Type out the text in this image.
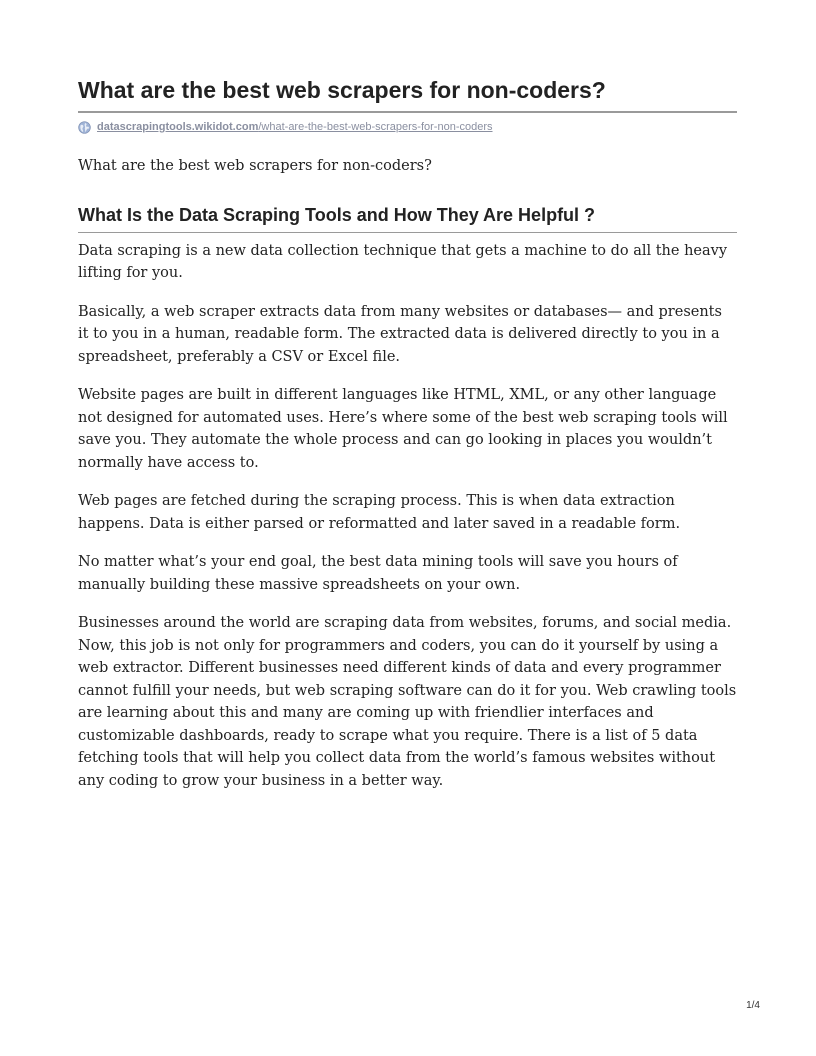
What are the best web scrapers for non-coders?
datascrapingtools.wikidot.com/what-are-the-best-web-scrapers-for-non-coders

What are the best web scrapers for non-coders?

What Is the Data Scraping Tools and How They Are Helpful ?

Data scraping is a new data collection technique that gets a machine to do all the heavy lifting for you.

Basically, a web scraper extracts data from many websites or databases— and presents it to you in a human, readable form. The extracted data is delivered directly to you in a spreadsheet, preferably a CSV or Excel file.

Website pages are built in different languages like HTML, XML, or any other language not designed for automated uses. Here’s where some of the best web scraping tools will save you. They automate the whole process and can go looking in places you wouldn’t normally have access to.

Web pages are fetched during the scraping process. This is when data extraction happens. Data is either parsed or reformatted and later saved in a readable form.

No matter what’s your end goal, the best data mining tools will save you hours of manually building these massive spreadsheets on your own.

Businesses around the world are scraping data from websites, forums, and social media. Now, this job is not only for programmers and coders, you can do it yourself by using a web extractor. Different businesses need different kinds of data and every programmer cannot fulfill your needs, but web scraping software can do it for you. Web crawling tools are learning about this and many are coming up with friendlier interfaces and customizable dashboards, ready to scrape what you require. There is a list of 5 data fetching tools that will help you collect data from the world’s famous websites without any coding to grow your business in a better way.

1/4
